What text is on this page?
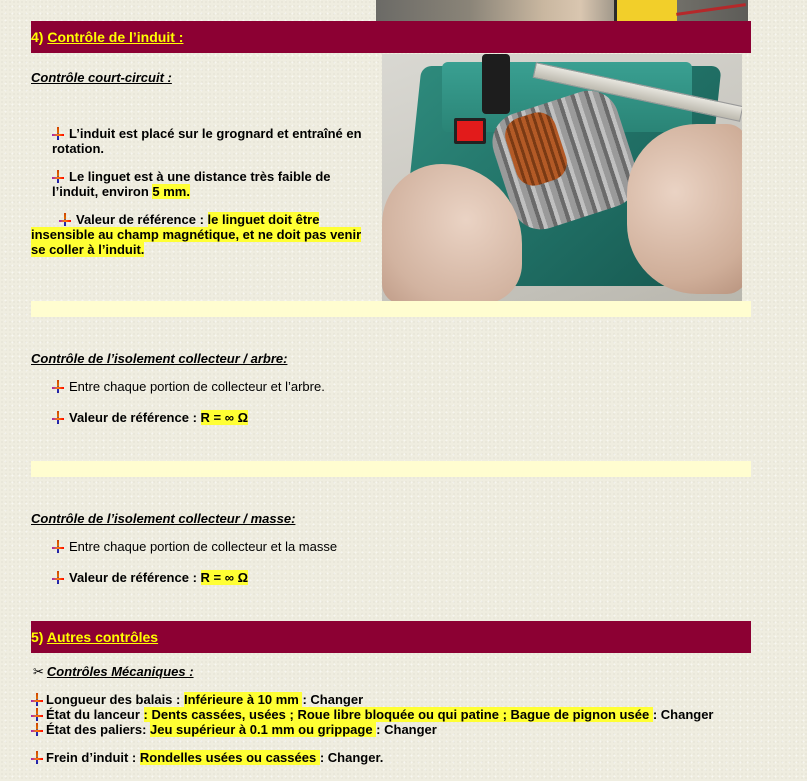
4) Contrôle de l’induit :
Contrôle court-circuit :
L’induit est placé sur le grognard et entraîné en rotation.
Le linguet est à une distance très faible de l’induit, environ 5 mm.
Valeur de référence : le linguet doit être insensible au champ magnétique, et ne doit pas venir se coller à l’induit.
Contrôle de l’isolement collecteur / arbre:
Entre chaque portion de collecteur et l’arbre.
Valeur de référence : R = ∞ Ω
Contrôle de l’isolement collecteur / masse:
Entre chaque portion de collecteur et la masse
Valeur de référence : R = ∞ Ω
5) Autres contrôles
✂ Contrôles Mécaniques :
Longueur des balais : Inférieure à 10 mm : Changer
État du lanceur : Dents cassées, usées ; Roue libre bloquée ou qui patine ; Bague de pignon usée : Changer
État des paliers: Jeu supérieur à 0.1 mm ou grippage : Changer
Frein d’induit : Rondelles usées ou cassées : Changer.
